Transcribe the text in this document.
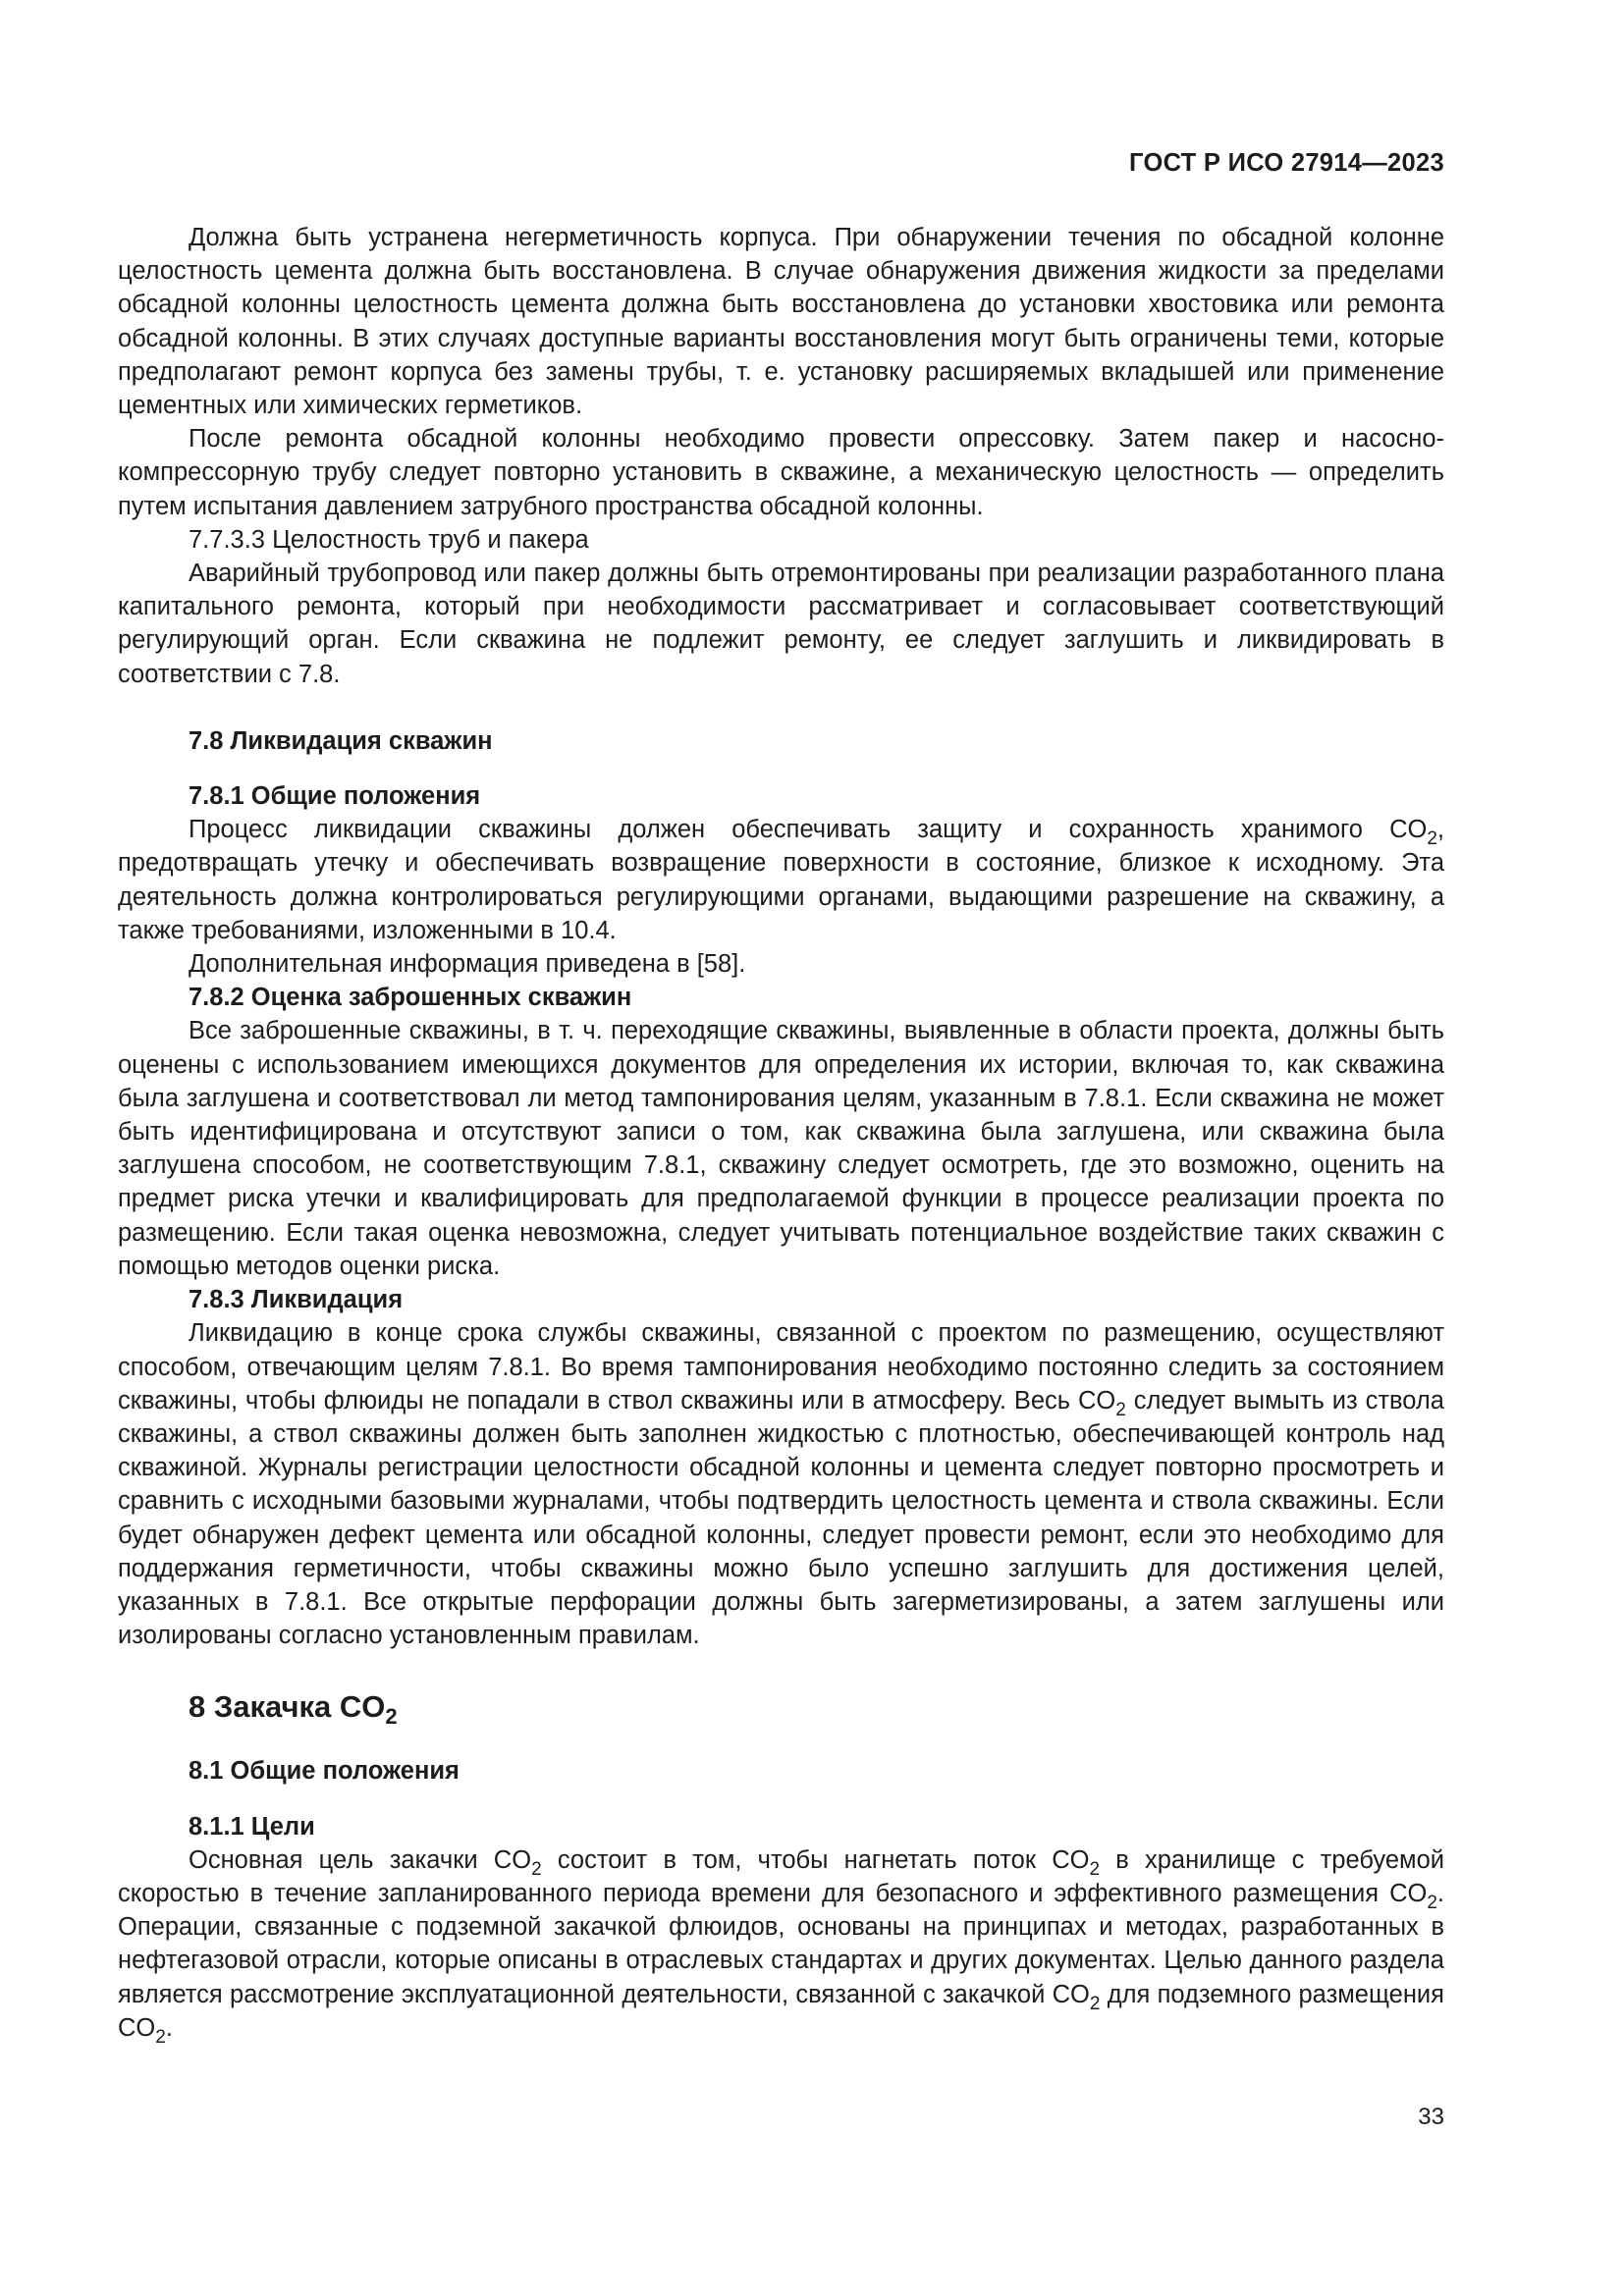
ГОСТ Р ИСО 27914—2023

Должна быть устранена негерметичность корпуса. При обнаружении течения по обсадной колонне целостность цемента должна быть восстановлена. В случае обнаружения движения жидкости за пределами обсадной колонны целостность цемента должна быть восстановлена до установки хвостовика или ремонта обсадной колонны. В этих случаях доступные варианты восстановления могут быть ограничены теми, которые предполагают ремонт корпуса без замены трубы, т. е. установку расширяемых вкладышей или применение цементных или химических герметиков.

После ремонта обсадной колонны необходимо провести опрессовку. Затем пакер и насосно-компрессорную трубу следует повторно установить в скважине, а механическую целостность — определить путем испытания давлением затрубного пространства обсадной колонны.

7.7.3.3 Целостность труб и пакера

Аварийный трубопровод или пакер должны быть отремонтированы при реализации разработанного плана капитального ремонта, который при необходимости рассматривает и согласовывает соответствующий регулирующий орган. Если скважина не подлежит ремонту, ее следует заглушить и ликвидировать в соответствии с 7.8.

7.8 Ликвидация скважин

7.8.1 Общие положения

Процесс ликвидации скважины должен обеспечивать защиту и сохранность хранимого $CO_2$, предотвращать утечку и обеспечивать возвращение поверхности в состояние, близкое к исходному. Эта деятельность должна контролироваться регулирующими органами, выдающими разрешение на скважину, а также требованиями, изложенными в 10.4.

Дополнительная информация приведена в [58].

7.8.2 Оценка заброшенных скважин

Все заброшенные скважины, в т. ч. переходящие скважины, выявленные в области проекта, должны быть оценены с использованием имеющихся документов для определения их истории, включая то, как скважина была заглушена и соответствовал ли метод тампонирования целям, указанным в 7.8.1. Если скважина не может быть идентифицирована и отсутствуют записи о том, как скважина была заглушена, или скважина была заглушена способом, не соответствующим 7.8.1, скважину следует осмотреть, где это возможно, оценить на предмет риска утечки и квалифицировать для предполагаемой функции в процессе реализации проекта по размещению. Если такая оценка невозможна, следует учитывать потенциальное воздействие таких скважин с помощью методов оценки риска.

7.8.3 Ликвидация

Ликвидацию в конце срока службы скважины, связанной с проектом по размещению, осуществляют способом, отвечающим целям 7.8.1. Во время тампонирования необходимо постоянно следить за состоянием скважины, чтобы флюиды не попадали в ствол скважины или в атмосферу. Весь $CO_2$ следует вымыть из ствола скважины, а ствол скважины должен быть заполнен жидкостью с плотностью, обеспечивающей контроль над скважиной. Журналы регистрации целостности обсадной колонны и цемента следует повторно просмотреть и сравнить с исходными базовыми журналами, чтобы подтвердить целостность цемента и ствола скважины. Если будет обнаружен дефект цемента или обсадной колонны, следует провести ремонт, если это необходимо для поддержания герметичности, чтобы скважины можно было успешно заглушить для достижения целей, указанных в 7.8.1. Все открытые перфорации должны быть загерметизированы, а затем заглушены или изолированы согласно установленным правилам.

8 Закачка $CO_2$

8.1 Общие положения

8.1.1 Цели

Основная цель закачки $CO_2$ состоит в том, чтобы нагнетать поток $CO_2$ в хранилище с требуемой скоростью в течение запланированного периода времени для безопасного и эффективного размещения $CO_2$. Операции, связанные с подземной закачкой флюидов, основаны на принципах и методах, разработанных в нефтегазовой отрасли, которые описаны в отраслевых стандартах и других документах. Целью данного раздела является рассмотрение эксплуатационной деятельности, связанной с закачкой $CO_2$ для подземного размещения $CO_2$.

33
